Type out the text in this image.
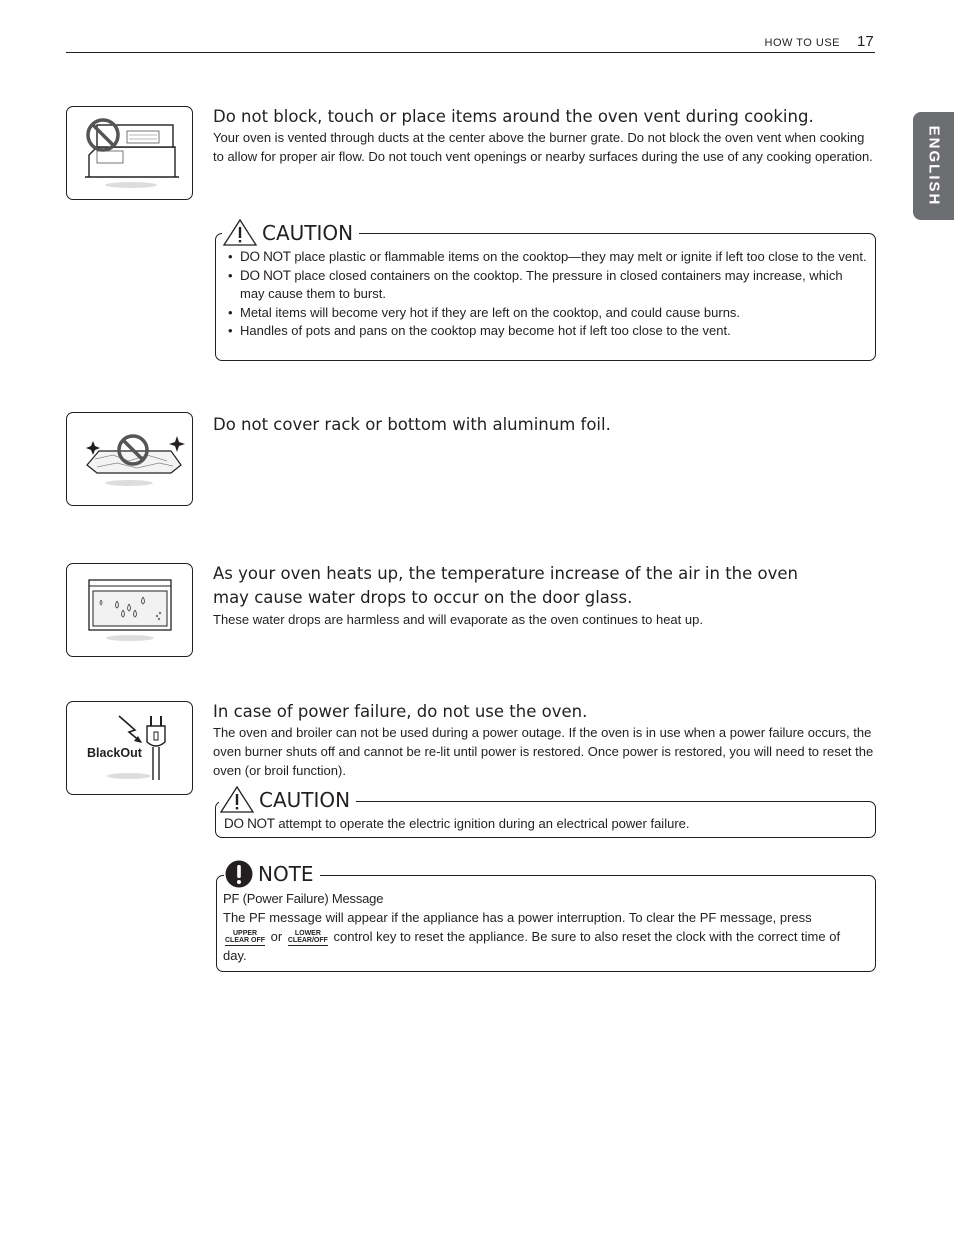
HOW TO USE 17
ENGLISH
Do not block, touch or place items around the oven vent during cooking.
Your oven is vented through ducts at the center above the burner grate. Do not block the oven vent when cooking to allow for proper air flow. Do not touch vent openings or nearby surfaces during the use of any cooking operation.
• DO NOT place plastic or flammable items on the cooktop—they may melt or ignite if left too close to the vent.
• DO NOT place closed containers on the cooktop. The pressure in closed containers may increase, which may cause them to burst.
• Metal items will become very hot if they are left on the cooktop, and could cause burns.
• Handles of pots and pans on the cooktop may become hot if left too close to the vent.
CAUTION
Do not cover rack or bottom with aluminum foil.
As your oven heats up, the temperature increase of the air in the oven
may cause water drops to occur on the door glass.
These water drops are harmless and will evaporate as the oven continues to heat up.
BlackOut
In case of power failure, do not use the oven.
The oven and broiler can not be used during a power outage. If the oven is in use when a power failure occurs, the oven burner shuts off and cannot be re-lit until power is restored. Once power is restored, you will need to reset the oven (or broil function).
DO NOT attempt to operate the electric ignition during an electrical power failure.
CAUTION
PF (Power Failure) Message
The PF message will appear if the appliance has a power interruption. To clear the PF message, press
UPPER
CLEAR OFF or LOWER
CLEAR/OFF control key to reset the appliance. Be sure to also reset the clock with the correct time of day.
NOTE
